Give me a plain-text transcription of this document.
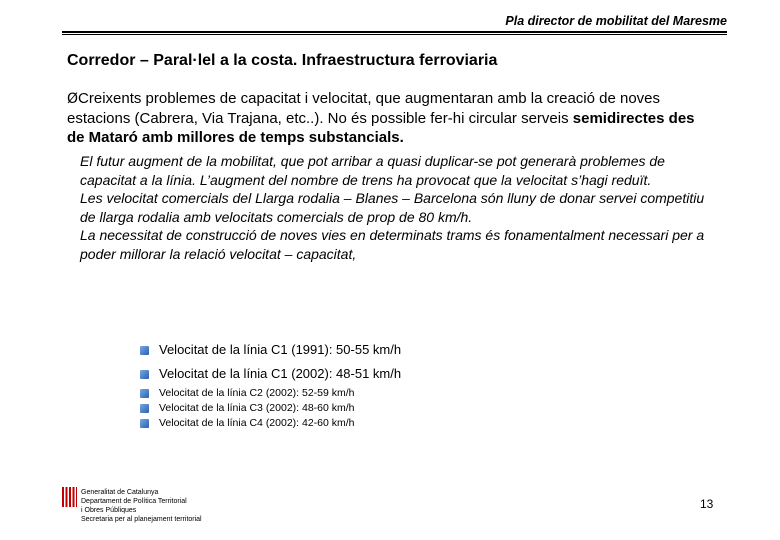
Pla director de mobilitat del Maresme
Corredor – Paral·lel a la costa. Infraestructura ferroviaria
ØCreixents problemes de capacitat i velocitat, que augmentaran amb la creació de noves estacions (Cabrera, Via Trajana, etc..). No és possible fer-hi circular serveis semidirectes des de Mataró amb millores de temps substancials.

El futur augment de la mobilitat, que pot arribar a quasi duplicar-se pot generarà problemes de capacitat a la línia. L’augment del nombre de trens ha provocat que la velocitat s’hagi reduït.

Les velocitat comercials del Llarga rodalia – Blanes – Barcelona són lluny de donar servei competitiu de llarga rodalia amb velocitats comercials de prop de 80 km/h.

La necessitat de construcció de noves vies en determinats trams és fonamentalment necessari per a poder millorar la relació velocitat – capacitat,

Velocitat de la línia C1 (1991): 50-55 km/h
Velocitat de la línia C1 (2002): 48-51 km/h
Velocitat de la línia C2 (2002): 52-59 km/h
Velocitat de la línia C3 (2002): 48-60 km/h
Velocitat de la línia C4 (2002): 42-60 km/h
Generalitat de Catalunya
Departament de Política Territorial
i Obres Públiques
Secretaria per al planejament territorial
13
